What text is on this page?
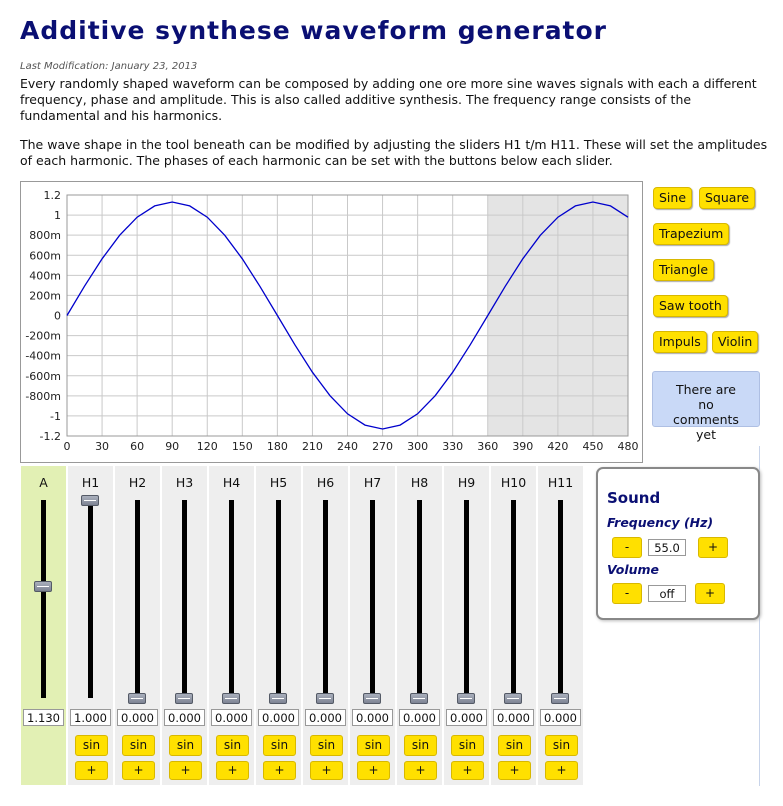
Additive synthese waveform generator
Last Modification: January 23, 2013

Every randomly shaped waveform can be composed by adding one ore more sine waves signals with each a different frequency, phase and amplitude. This is also called additive synthesis. The frequency range consists of the fundamental and his harmonics.

The wave shape in the tool beneath can be modified by adjusting the sliders H1 t/m H11. These will set the amplitudes of each harmonic. The phases of each harmonic can be set with the buttons below each slider.

0 30 60 90 120 150 180 210 240 270 300 330 360 390 420 450 480
1.2
1
800m
600m
400m
200m
0
-200m
-400m
-600m
-800m
-1
-1.2
Sine	Square
Trapezium
Triangle
Saw tooth
Impuls	Violin
There are
no
comments
yet
A
1.130
H1
1.000
sin
+
H2
0.000
sin
+
H3
0.000
sin
+
H4
0.000
sin
+
H5
0.000
sin
+
H6
0.000
sin
+
H7
0.000
sin
+
H8
0.000
sin
+
H9
0.000
sin
+
H10
0.000
sin
+
H11
0.000
sin
+
Sound
Frequency (Hz)
-	55.0	+
Volume
-	off	+
